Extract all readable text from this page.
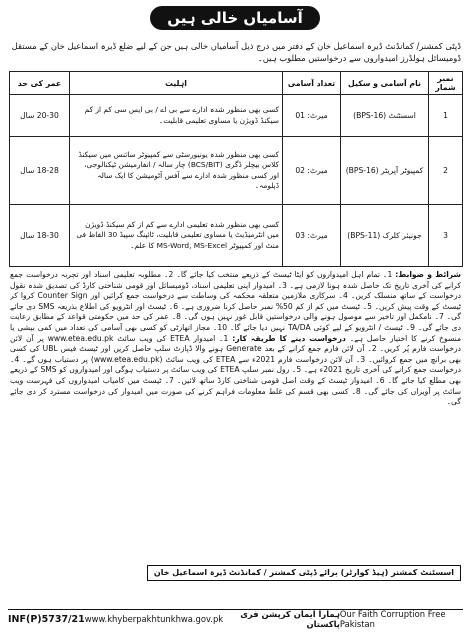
آسامیاں خالی ہیں
ڈپٹی کمشنر/ کمانڈنٹ ڈیرہ اسماعیل خان کے دفتر میں درج ذیل آسامیاں خالی ہیں جن کے لیے ضلع ڈیرہ اسماعیل خان کے مستقل ڈومیسائل ہولڈرز امیدواروں سے درخواستیں مطلوب ہیں۔
نمبر شمار	نام آسامی و سکیل	تعداد آسامی	اہلیت	عمر کی حد
1	اسسٹنٹ (BPS-16)	میرٹ: 01	کسی بھی منظور شدہ ادارے سے بی اے / بی ایس سی کم از کم سیکنڈ ڈویژن یا مساوی تعلیمی قابلیت۔	20-30 سال
2	کمپیوٹر آپریٹر (BPS-16)	میرٹ: 02	کسی بھی منظور شدہ یونیورسٹی سے کمپیوٹر سائنس میں سیکنڈ کلاس بیچلر ڈگری (BCS/BIT) چار سالہ / انفارمیشن ٹیکنالوجی، اور کسی منظور شدہ ادارے سے آفس آٹومیشن کا ایک سالہ ڈپلومہ۔	18-28 سال
3	جونیئر کلرک (BPS-11)	میرٹ: 03	کسی بھی منظور شدہ تعلیمی ادارے سے کم از کم سیکنڈ ڈویژن میں انٹرمیڈیٹ یا مساوی تعلیمی قابلیت، ٹائپنگ سپیڈ 30 الفاظ فی منٹ اور کمپیوٹر MS-Word, MS-Excel کا علم۔	18-30 سال
شرائط و ضوابط: 1۔ تمام اہل امیدواروں کو ایٹا ٹیسٹ کے ذریعے منتخب کیا جائے گا۔ 2۔ مطلوبہ تعلیمی اسناد اور تجربہ درخواست جمع کرانے کی آخری تاریخ تک حاصل شدہ ہونا لازمی ہے۔ 3۔ امیدوار اپنی تعلیمی اسناد، ڈومیسائل اور قومی شناختی کارڈ کی تصدیق شدہ نقول درخواست کے ساتھ منسلک کریں۔ 4۔ سرکاری ملازمین متعلقہ محکمہ کی وساطت سے درخواست جمع کرائیں اور Counter Sign کروا کر ٹیسٹ کے وقت پیش کریں۔ 5۔ ٹیسٹ میں کم از کم 50% نمبر حاصل کرنا ضروری ہے۔ 6۔ ٹیسٹ اور انٹرویو کی اطلاع بذریعہ SMS دی جائے گی۔ 7۔ نامکمل اور تاخیر سے موصول ہونے والی درخواستیں قابل غور نہیں ہوں گی۔ 8۔ عمر کی حد میں حکومتی قواعد کے مطابق رعایت دی جائے گی۔ 9۔ ٹیسٹ / انٹرویو کے لیے کوئی TA/DA نہیں دیا جائے گا۔ 10۔ مجاز اتھارٹی کو کسی بھی آسامی کی تعداد میں کمی بیشی یا منسوخ کرنے کا اختیار حاصل ہے۔ درخواست دینے کا طریقہ کار: 1۔ امیدوار ETEA کی ویب سائٹ www.etea.edu.pk پر آن لائن درخواست فارم پُر کریں۔ 2۔ آن لائن فارم جمع کرانے کے بعد Generate ہونے والا ڈپازٹ سلپ حاصل کریں اور ٹیسٹ فیس UBL کی کسی بھی برانچ میں جمع کروائیں۔ 3۔ آن لائن درخواست فارم 2021ء سے ETEA کی ویب سائٹ (www.etea.edu.pk) پر دستیاب ہوں گے۔ 4۔ درخواست جمع کرانے کی آخری تاریخ 2021ء ہے۔ 5۔ رول نمبر سلپ ETEA کی ویب سائٹ پر دستیاب ہوگی اور امیدواروں کو SMS کے ذریعے بھی مطلع کیا جائے گا۔ 6۔ امیدوار ٹیسٹ کے وقت اصل قومی شناختی کارڈ ساتھ لائیں۔ 7۔ ٹیسٹ میں کامیاب امیدواروں کی فہرست ویب سائٹ پر آویزاں کی جائے گی۔ 8۔ کسی بھی قسم کی غلط معلومات فراہم کرنے کی صورت میں امیدوار کی درخواست مسترد کر دی جائے گی۔
اسسٹنٹ کمشنر (ہیڈ کوارٹر) برائے ڈپٹی کمشنر / کمانڈنٹ ڈیرہ اسماعیل خان
INF(P)5737/21 www.khyberpakhtunkhwa.gov.pk	ہمارا ایمان کرپشن فری پاکستان
Our Faith Corruption Free Pakistan
